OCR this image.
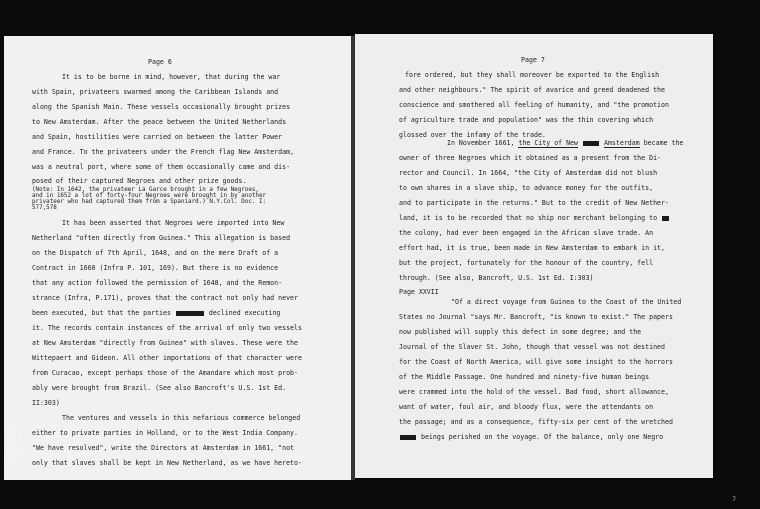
Page 6
It is to be borne in mind, however, that during the war
with Spain, privateers swarmed among the Caribbean Islands and
along the Spanish Main. These vessels occasionally brought prizes
to New Amsterdam. After the peace between the United Netherlands
and Spain, hostilities were carried on between the latter Power
and France. To the privateers under the French flag New Amsterdam,
was a neutral port, where some of them occasionally came and dis-
posed of their captured Negroes and other prize goods.
(Note: In 1642, the privateer La Garce brought in a few Negroes,
and in 1652 a lot of forty-four Negroes were brought in by another
privateer who had captured them from a Spaniard.) N.Y.Col. Doc. I:
577,578
It has been asserted that Negroes were imported into New
Netherland "often directly from Guinea." This allegation is based
on the Dispatch of 7th April, 1648, and on the mere Draft of a
Contract in 1660 (Infra P. 101, 169). But there is no evidence
that any action followed the permission of 1648, and the Remon-
strance (Infra, P.171), proves that the contract not only had never
been executed, but that the parties	declined executing
it. The records contain instances of the arrival of only two vessels
at New Amsterdam "directly from Guinea" with slaves. These were the
Wittepaert and Gideon. All other importations of that character were
from Curacao, except perhaps those of the Amandare which most prob-
ably were brought from Brazil. (See also Bancroft's U.S. 1st Ed.
II:303)
The ventures and vessels in this nefarious commerce belonged
either to private parties in Holland, or to the West India Company.
"We have resolved", write the Directors at Amsterdam in 1661, "not
only that slaves shall be kept in New Netherland, as we have hereto-
Page 7
fore ordered, but they shall moreover be exported to the English
and other neighbours." The spirit of avarice and greed deadened the
conscience and smothered all feeling of humanity, and "the promotion
of agriculture trade and population" was the thin covering which
glossed over the infamy of the trade.
In November 1661, the City of New	Amsterdam became the
owner of three Negroes which it obtained as a present from the Di-
rector and Council. In 1664, "the City of Amsterdam did not blush
to own shares in a slave ship, to advance money for the outfits,
and to participate in the returns." But to the credit of New Nether-
land, it is to be recorded that no ship nor merchant belonging to
the colony, had ever been engaged in the African slave trade. An
effort had, it is true, been made in New Amsterdam to embark in it,
but the project, fortunately for the honour of the country, fell
through. (See also, Bancroft, U.S. 1st Ed. I:303)
Page XXVII
"Of a direct voyage from Guinea to the Coast of the United
States no Journal "says Mr. Bancroft, "is known to exist." The papers
now published will supply this defect in some degree; and the
Journal of the Slaver St. John, though that vessel was not destined
for the Coast of North America, will give some insight to the horrors
of the Middle Passage. One hundred and ninety-five human beings
were crammed into the hold of the vessel. Bad food, short allowance,
want of water, foul air, and bloody flux, were the attendants on
the passage; and as a consequence, fifty-six per cent of the wretched
beings perished on the voyage. Of the balance, only one Negro
7
